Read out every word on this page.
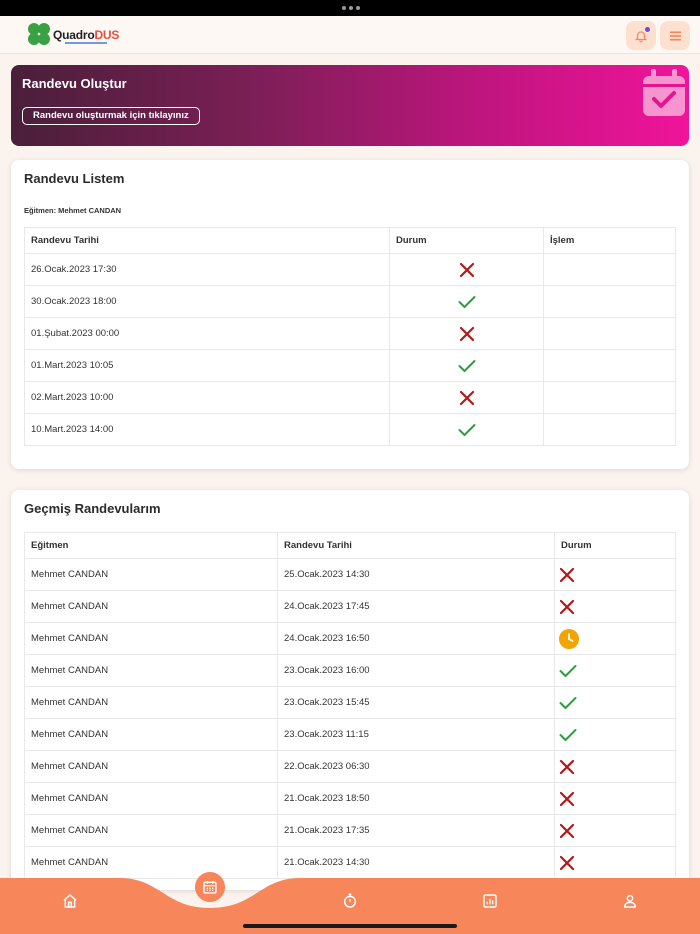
QuadroDUS
Randevu Oluştur
Randevu oluşturmak için tıklayınız
Randevu Listem
Eğitmen: Mehmet CANDAN
Randevu Tarihi	Durum	İşlem
26.Ocak.2023 17:30		
30.Ocak.2023 18:00		
01.Şubat.2023 00:00		
01.Mart.2023 10:05		
02.Mart.2023 10:00		
10.Mart.2023 14:00		
Geçmiş Randevularım
Eğitmen	Randevu Tarihi	Durum
Mehmet CANDAN	25.Ocak.2023 14:30	
Mehmet CANDAN	24.Ocak.2023 17:45	
Mehmet CANDAN	24.Ocak.2023 16:50	
Mehmet CANDAN	23.Ocak.2023 16:00	
Mehmet CANDAN	23.Ocak.2023 15:45	
Mehmet CANDAN	23.Ocak.2023 11:15	
Mehmet CANDAN	22.Ocak.2023 06:30	
Mehmet CANDAN	21.Ocak.2023 18:50	
Mehmet CANDAN	21.Ocak.2023 17:35	
Mehmet CANDAN	21.Ocak.2023 14:30	
